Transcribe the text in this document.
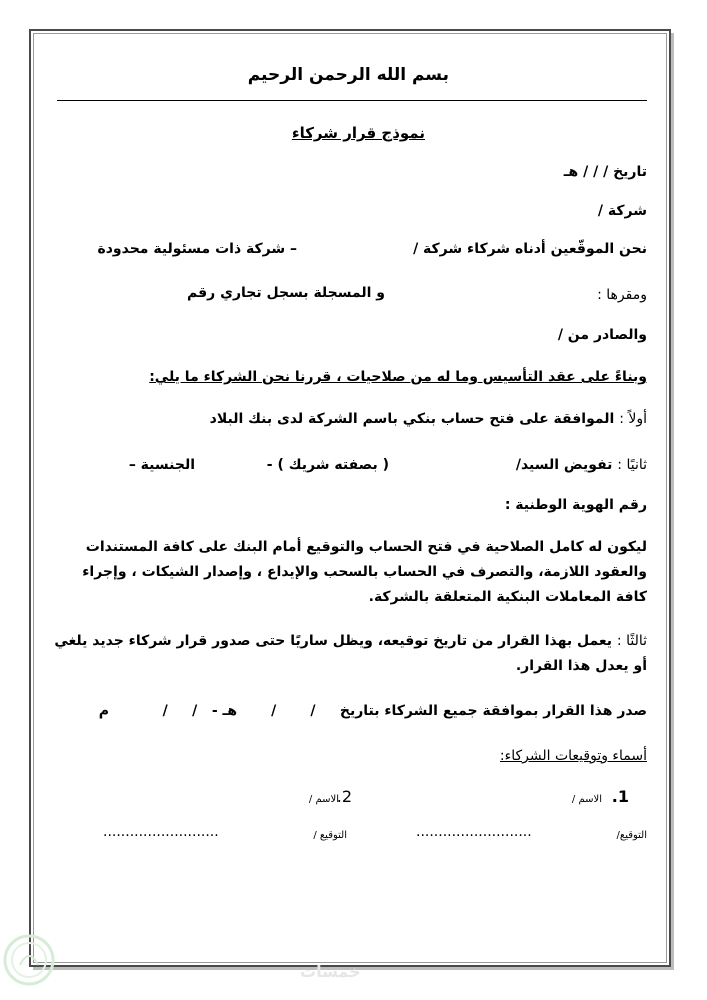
بسم الله الرحمن الرحيم
نموذج قرار شركاء
تاريخ / / / هـ
شركة /
نحن الموقّعين أدناه شركاء شركة /
– شركة ذات مسئولية محدودة
ومقرها :
و المسجلة بسجل تجاري رقم
والصادر من /
وبناءً على عقد التأسيس وما له من صلاحيات ، قررنا نحن الشركاء ما يلي:
أولاً : الموافقة على فتح حساب بنكي باسم الشركة لدى بنك البلاد
ثانيًا : تفويض السيد/
( بصفته شريك ) -
الجنسية –
رقم الهوية الوطنية :
ليكون له كامل الصلاحية في فتح الحساب والتوقيع أمام البنك على كافة المستندات والعقود اللازمة، والتصرف في الحساب بالسحب والإيداع ، وإصدار الشيكات ، وإجراء كافة المعاملات البنكية المتعلقة بالشركة.
ثالثًا : يعمل بهذا القرار من تاريخ توقيعه، ويظل ساريًا حتى صدور قرار شركاء جديد يلغي أو يعدل هذا القرار.
صدر هذا القرار بموافقة جميع الشركاء بتاريخ     /       /       هـ -   /     /           م
أسماء وتوقيعات الشركاء:
1.
الاسم /
2.
الاسم /
التوقيع/
..........................
التوقيع /
..........................
خمسات
